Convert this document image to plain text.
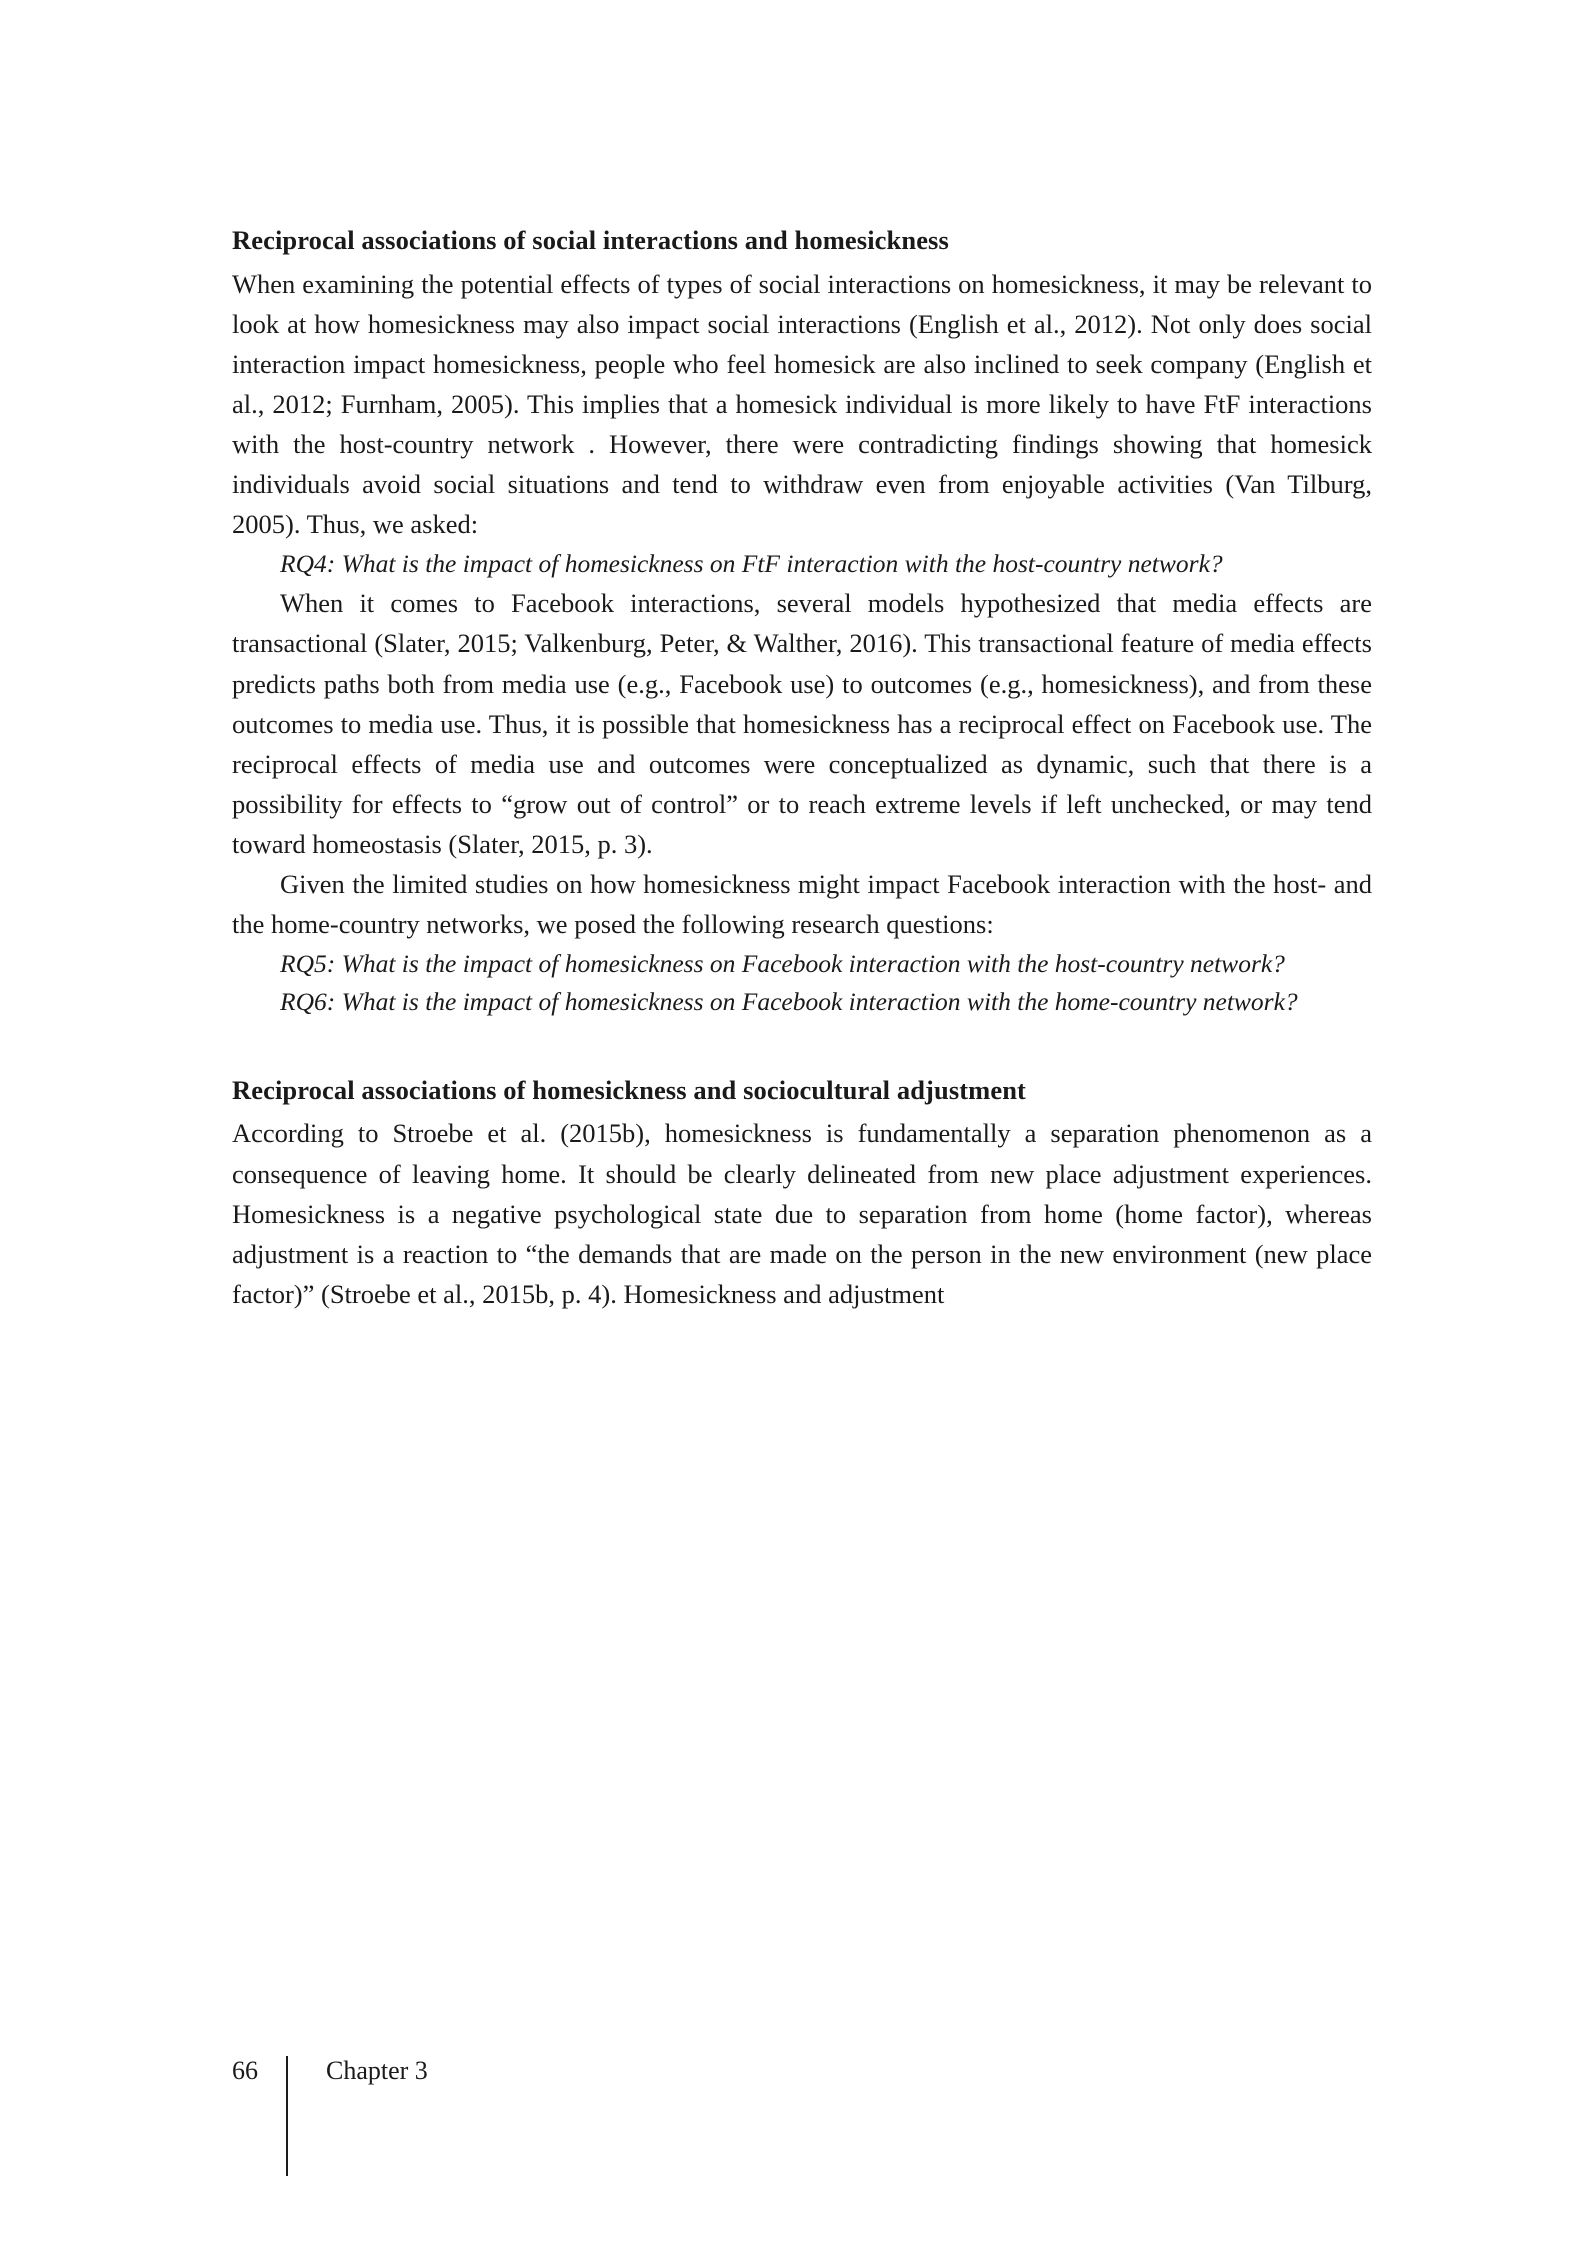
Reciprocal associations of social interactions and homesickness

When examining the potential effects of types of social interactions on homesickness, it may be relevant to look at how homesickness may also impact social interactions (English et al., 2012). Not only does social interaction impact homesickness, people who feel homesick are also inclined to seek company (English et al., 2012; Furnham, 2005). This implies that a homesick individual is more likely to have FtF interactions with the host-country network . However, there were contradicting findings showing that homesick individuals avoid social situations and tend to withdraw even from enjoyable activities (Van Tilburg, 2005). Thus, we asked:

RQ4: What is the impact of homesickness on FtF interaction with the host-country network?

When it comes to Facebook interactions, several models hypothesized that media effects are transactional (Slater, 2015; Valkenburg, Peter, & Walther, 2016). This transactional feature of media effects predicts paths both from media use (e.g., Facebook use) to outcomes (e.g., homesickness), and from these outcomes to media use. Thus, it is possible that homesickness has a reciprocal effect on Facebook use. The reciprocal effects of media use and outcomes were conceptualized as dynamic, such that there is a possibility for effects to “grow out of control” or to reach extreme levels if left unchecked, or may tend toward homeostasis (Slater, 2015, p. 3).

Given the limited studies on how homesickness might impact Facebook interaction with the host- and the home-country networks, we posed the following research questions:

RQ5: What is the impact of homesickness on Facebook interaction with the host-country network?

RQ6: What is the impact of homesickness on Facebook interaction with the home-country network?

Reciprocal associations of homesickness and sociocultural adjustment

According to Stroebe et al. (2015b), homesickness is fundamentally a separation phenomenon as a consequence of leaving home. It should be clearly delineated from new place adjustment experiences. Homesickness is a negative psychological state due to separation from home (home factor), whereas adjustment is a reaction to “the demands that are made on the person in the new environment (new place factor)” (Stroebe et al., 2015b, p. 4). Homesickness and adjustment

66	Chapter 3
